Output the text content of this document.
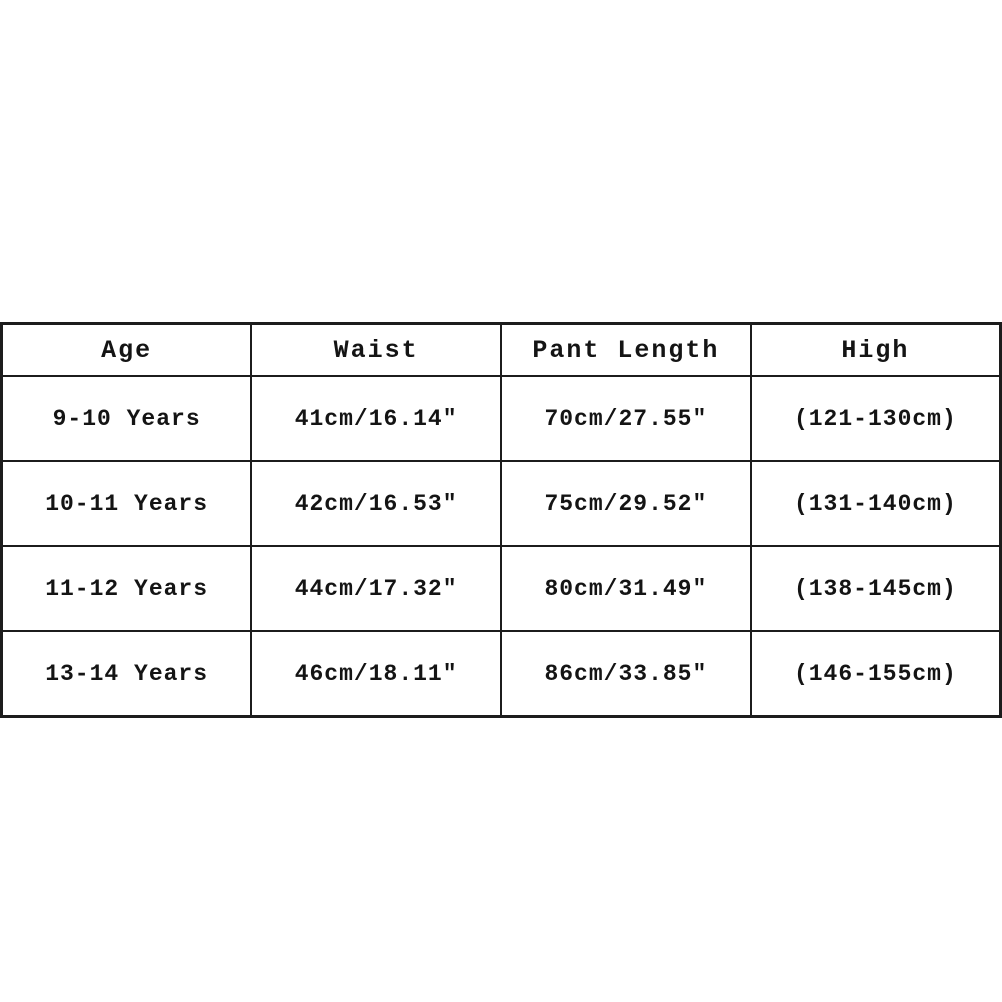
Age	Waist	Pant Length	High
9-10 Years	41cm/16.14″	70cm/27.55″	(121-130cm)
10-11 Years	42cm/16.53″	75cm/29.52″	(131-140cm)
11-12 Years	44cm/17.32″	80cm/31.49″	(138-145cm)
13-14 Years	46cm/18.11″	86cm/33.85″	(146-155cm)
